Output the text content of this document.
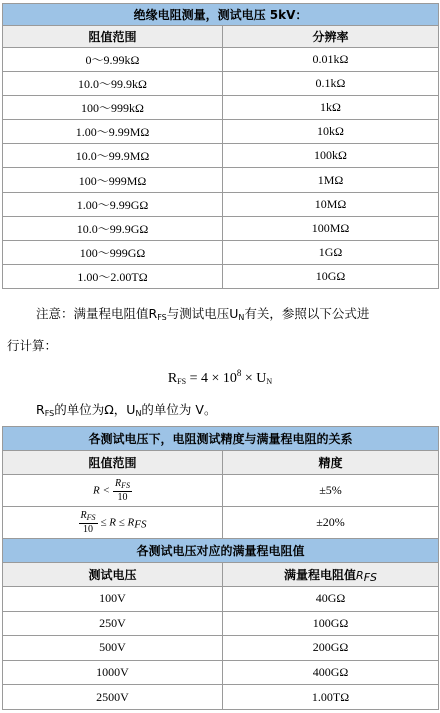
绝缘电阻测量，测试电压 5kV：	
阻值范围	分辨率
0～9.99kΩ	0.01kΩ
10.0～99.9kΩ	0.1kΩ
100～999kΩ	1kΩ
1.00～9.99MΩ	10kΩ
10.0～99.9MΩ	100kΩ
100～999MΩ	1MΩ
1.00～9.99GΩ	10MΩ
10.0～99.9GΩ	100MΩ
100～999GΩ	1GΩ
1.00～2.00TΩ	10GΩ
注意：满量程电阻值$R_{FS}$与测试电压$U_N$有关，参照以下公式进
行计算：
$R_{FS} = 4 \times 10^8 \times U_N$
$R_{FS}$的单位为Ω，$U_N$的单位为 V。
各测试电压下，电阻测试精度与满量程电阻的关系	
阻值范围	精度
$R < \frac{R_{FS}}{10}$	±5%

$\frac{R_{FS}}{10} \le R \le R_{FS}$	±20%
各测试电压对应的满量程电阻值	
测试电压	满量程电阻值$R_{FS}$
100V	40GΩ
250V	100GΩ
500V	200GΩ
1000V	400GΩ
2500V	1.00TΩ
